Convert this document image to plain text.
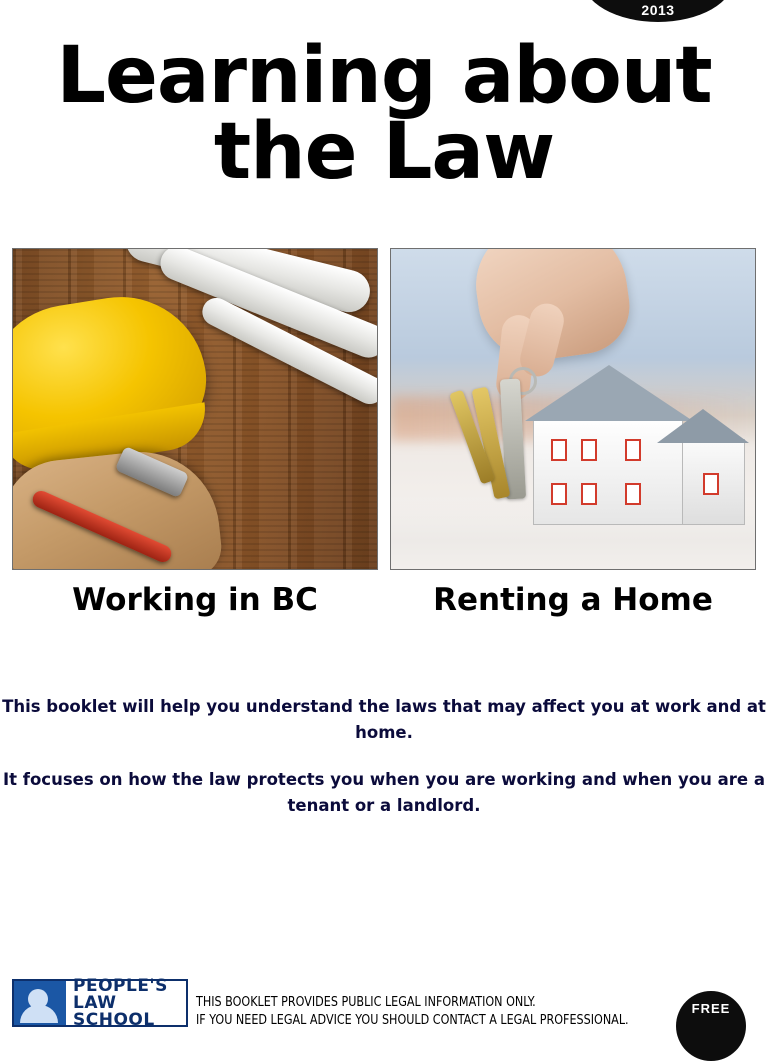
2013
Learning about
the Law
Working in BC	Renting a Home

This booklet will help you understand the laws that may affect you at work and at home.

It focuses on how the law protects you when you are working and when you are a tenant or a landlord.

PEOPLE'S
LAW SCHOOL
THIS BOOKLET PROVIDES PUBLIC LEGAL INFORMATION ONLY.
IF YOU NEED LEGAL ADVICE YOU SHOULD CONTACT A LEGAL PROFESSIONAL.
FREE
